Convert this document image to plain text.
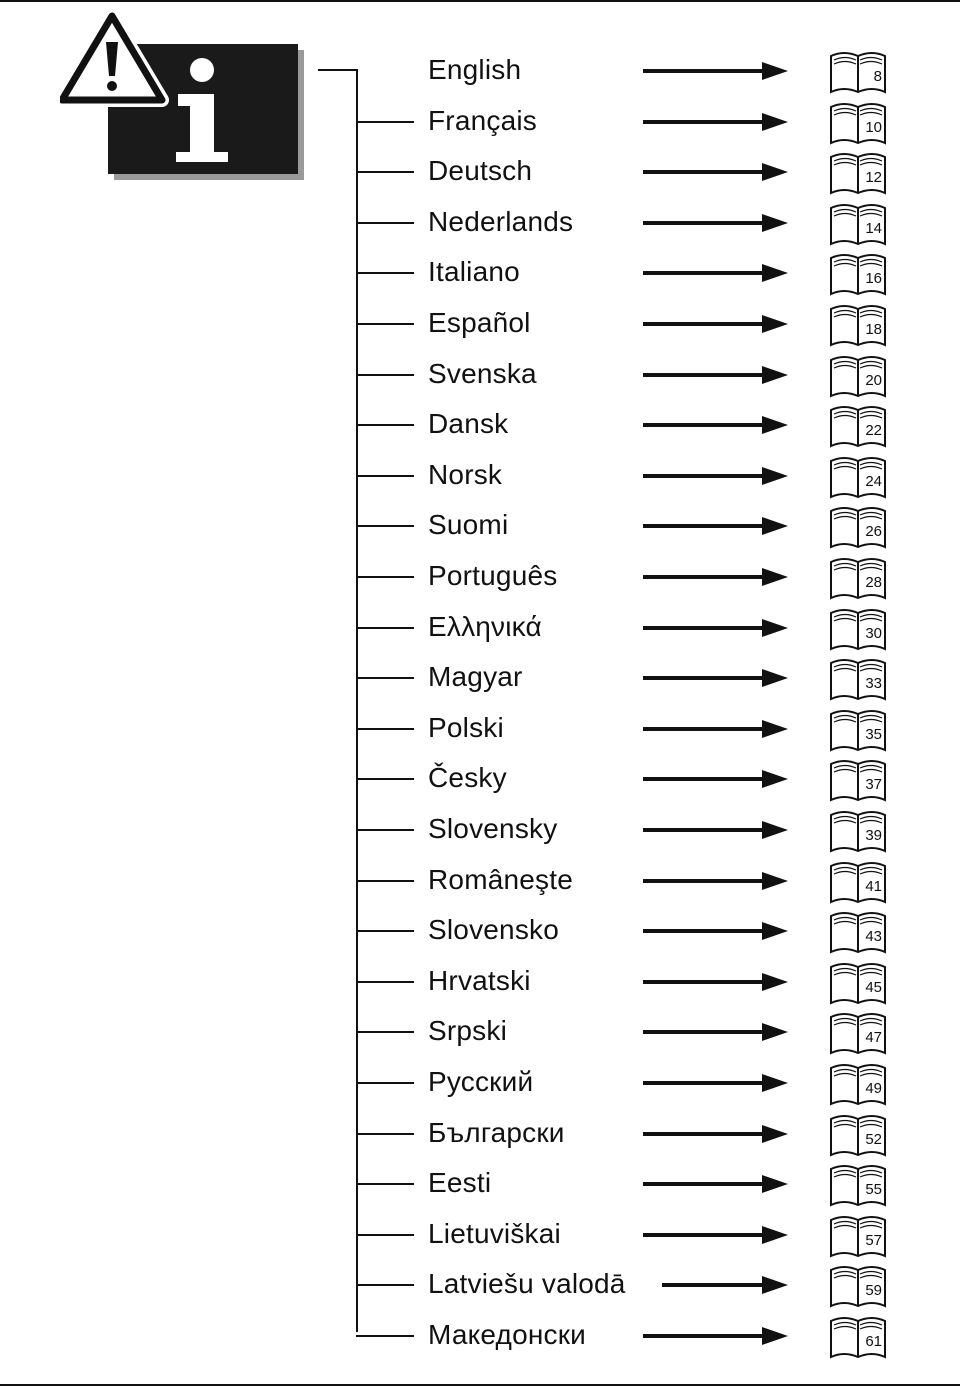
English	8
Français	10
Deutsch	12
Nederlands	14
Italiano	16
Español	18
Svenska	20
Dansk	22
Norsk	24
Suomi	26
Português	28
Ελληνικά	30
Magyar	33
Polski	35
Česky	37
Slovensky	39
Româneşte	41
Slovensko	43
Hrvatski	45
Srpski	47
Русский	49
Български	52
Eesti	55
Lietuviškai	57
Latviešu valodā	59
Македонски	61
